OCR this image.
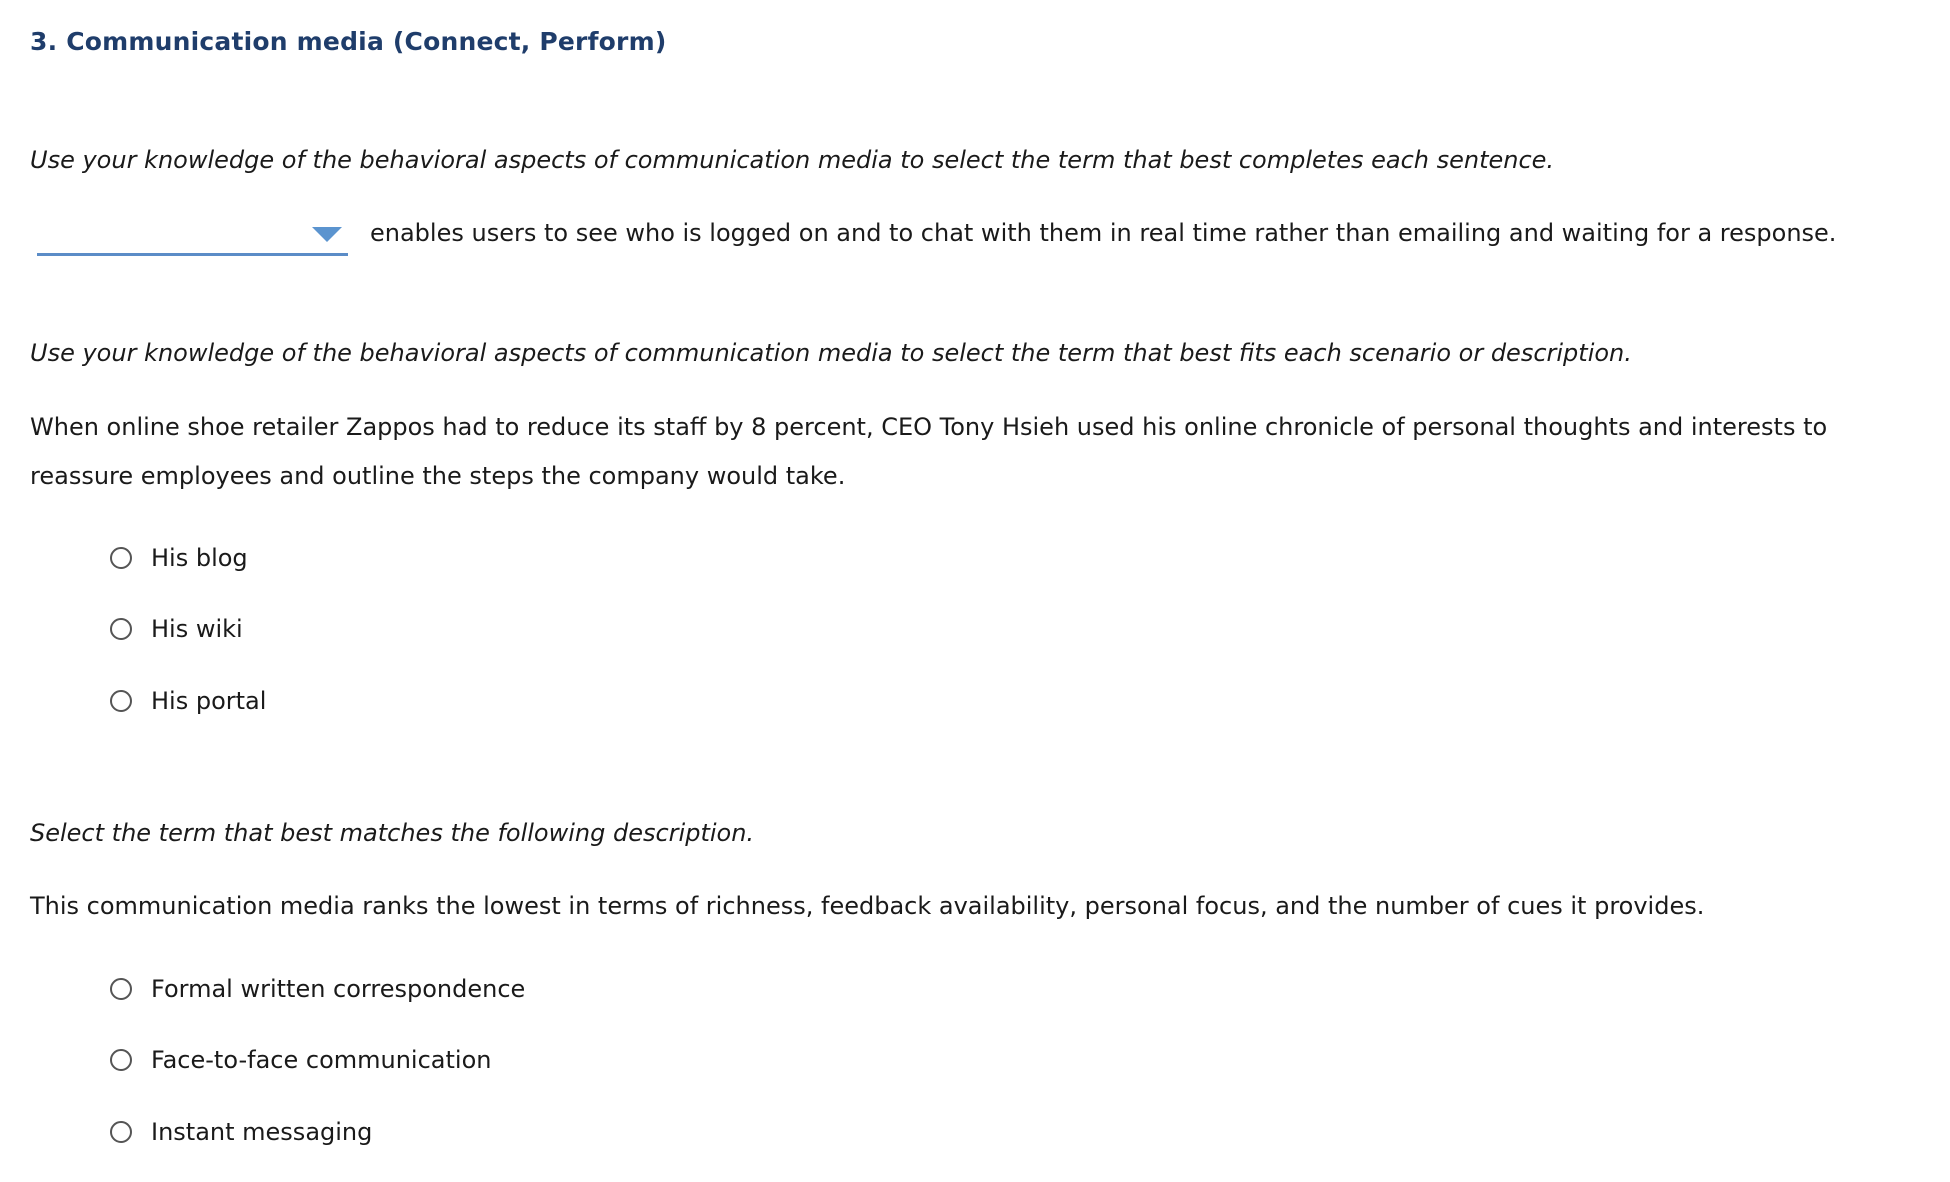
3. Communication media (Connect, Perform)
Use your knowledge of the behavioral aspects of communication media to select the term that best completes each sentence.
enables users to see who is logged on and to chat with them in real time rather than emailing and waiting for a response.
Use your knowledge of the behavioral aspects of communication media to select the term that best fits each scenario or description.
When online shoe retailer Zappos had to reduce its staff by 8 percent, CEO Tony Hsieh used his online chronicle of personal thoughts and interests to reassure employees and outline the steps the company would take.
His blog
His wiki
His portal
Select the term that best matches the following description.
This communication media ranks the lowest in terms of richness, feedback availability, personal focus, and the number of cues it provides.
Formal written correspondence
Face-to-face communication
Instant messaging
